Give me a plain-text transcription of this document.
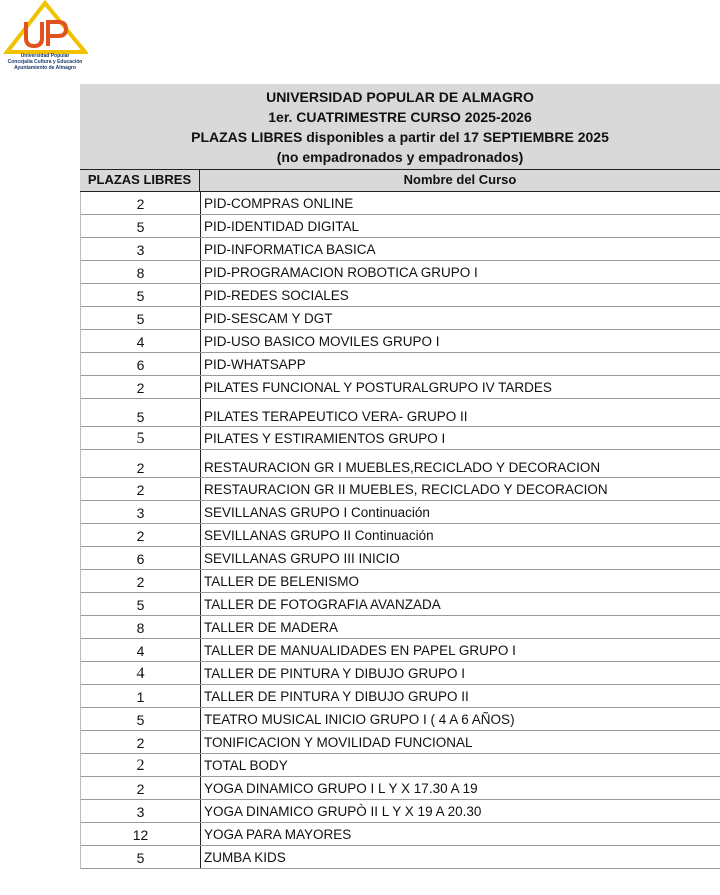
Universidad Popular
Concejalía Cultura y Educación
Ayuntamiento de Almagro
UNIVERSIDAD POPULAR DE ALMAGRO
1er. CUATRIMESTRE CURSO 2025-2026
PLAZAS LIBRES disponibles a partir del 17 SEPTIEMBRE 2025
(no empadronados y empadronados)
PLAZAS LIBRES	Nombre del Curso
2	PID-COMPRAS ONLINE
5	PID-IDENTIDAD DIGITAL
3	PID-INFORMATICA BASICA
8	PID-PROGRAMACION ROBOTICA GRUPO I
5	PID-REDES SOCIALES
5	PID-SESCAM Y DGT
4	PID-USO BASICO MOVILES GRUPO I
6	PID-WHATSAPP
2	PILATES FUNCIONAL Y POSTURALGRUPO IV TARDES
5	PILATES TERAPEUTICO VERA- GRUPO II
5	PILATES Y ESTIRAMIENTOS GRUPO I
2	RESTAURACION GR I MUEBLES,RECICLADO Y DECORACION
2	RESTAURACION GR II MUEBLES, RECICLADO Y DECORACION
3	SEVILLANAS GRUPO I Continuación
2	SEVILLANAS GRUPO II Continuación
6	SEVILLANAS GRUPO III INICIO
2	TALLER DE BELENISMO
5	TALLER DE FOTOGRAFIA AVANZADA
8	TALLER DE MADERA
4	TALLER DE MANUALIDADES EN PAPEL GRUPO I
4	TALLER DE PINTURA Y DIBUJO GRUPO I
1	TALLER DE PINTURA Y DIBUJO GRUPO II
5	TEATRO MUSICAL INICIO GRUPO I ( 4 A 6 AÑOS)
2	TONIFICACION Y MOVILIDAD FUNCIONAL
2	TOTAL BODY
2	YOGA DINAMICO GRUPO I L Y X 17.30 A 19
3	YOGA DINAMICO GRUPÒ II L Y X 19 A 20.30
12	YOGA PARA MAYORES
5	ZUMBA KIDS
